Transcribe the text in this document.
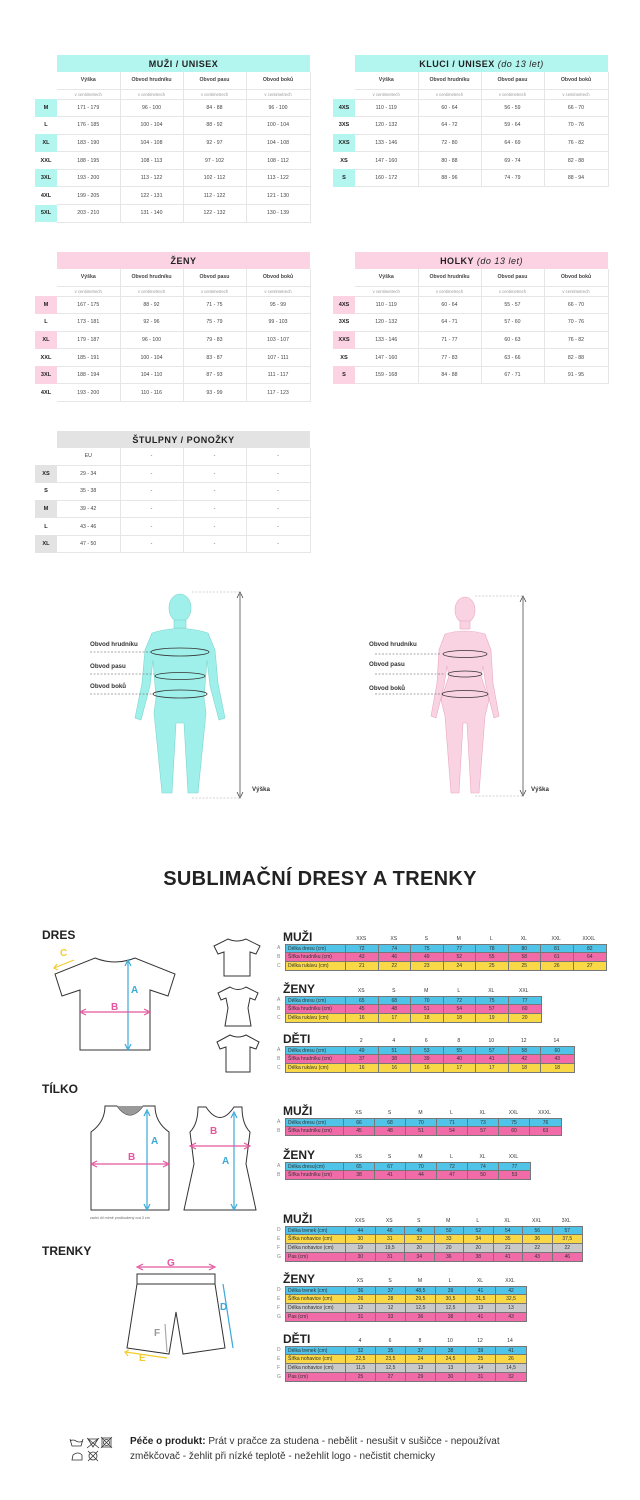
	MUŽI / UNISEX			
	Výška	Obvod hrudníku	Obvod pasu	Obvod boků
	v centimetrech	v centimetrech	v centimetrech	v centimetrech
M	171 - 179	96 - 100	84 - 88	96 - 100
L	176 - 185	100 - 104	88 - 92	100 - 104
XL	183 - 190	104 - 108	92 - 97	104 - 108
XXL	188 - 195	108 - 113	97 - 102	108 - 112
3XL	193 - 200	113 - 122	102 - 112	113 - 122
4XL	199 - 205	122 - 131	112 - 122	121 - 130
5XL	203 - 210	131 - 140	122 - 132	130 - 139
	KLUCI / UNISEX (do 13 let)			
	Výška	Obvod hrudníku	Obvod pasu	Obvod boků
	v centimetrech	v centimetrech	v centimetrech	v centimetrech
4XS	110 - 119	60 - 64	56 - 59	66 - 70
3XS	120 - 132	64 - 72	59 - 64	70 - 76
XXS	133 - 146	72 - 80	64 - 69	76 - 82
XS	147 - 160	80 - 88	69 - 74	82 - 88
S	160 - 172	88 - 96	74 - 79	88 - 94
	ŽENY			
	Výška	Obvod hrudníku	Obvod pasu	Obvod boků
	v centimetrech	v centimetrech	v centimetrech	v centimetrech
M	167 - 175	88 - 92	71 - 75	95 - 99
L	173 - 181	92 - 96	75 - 79	99 - 103
XL	179 - 187	96 - 100	79 - 83	103 - 107
XXL	185 - 191	100 - 104	83 - 87	107 - 111
3XL	188 - 194	104 - 110	87 - 93	111 - 117
4XL	193 - 200	110 - 116	93 - 99	117 - 123
	HOLKY (do 13 let)			
	Výška	Obvod hrudníku	Obvod pasu	Obvod boků
	v centimetrech	v centimetrech	v centimetrech	v centimetrech
4XS	110 - 119	60 - 64	55 - 57	66 - 70
3XS	120 - 132	64 - 71	57 - 60	70 - 76
XXS	133 - 146	71 - 77	60 - 63	76 - 82
XS	147 - 160	77 - 83	63 - 66	82 - 88
S	159 - 168	84 - 88	67 - 71	91 - 95
	ŠTULPNY / PONOŽKY			
	EU	-	-	-
XS	29 - 34	-	-	-
S	35 - 38	-	-	-
M	39 - 42	-	-	-
L	43 - 46	-	-	-
XL	47 - 50	-	-	-
Obvod hrudníku
Obvod pasu
Obvod boků
Výška
Obvod hrudníku
Obvod pasu
Obvod boků
Výška
SUBLIMAČNÍ DRESY A TRENKY
DRES
TÍLKO
TRENKY
A
B
C
A
B
zadní díl mírně prodloužený cca 3 cm
A
B
G
D
E
F
MUŽI	XXS	XS	S	M	L	XL	XXL	XXXL
A
B
C
Délka dresu (cm)	72	74	75	77	78	80	81	82
Šířka hrudníku (cm)	43	46	49	52	55	58	61	64
Délka rukávu (cm)	21	22	23	24	25	25	26	27
ŽENY	XS	S	M	L	XL	XXL
A
B
C
Délka dresu (cm)	65	68	70	72	75	77
Šířka hrudníku (cm)	45	48	51	54	57	60
Délka rukávu (cm)	16	17	18	18	19	20
DĚTI	2	4	6	8	10	12	14
A
B
C
Délka dresu (cm)	49	51	53	55	57	58	60
Šířka hrudníku (cm)	37	38	39	40	41	42	43
Délka rukávu (cm)	16	16	16	17	17	18	18
MUŽI	XS	S	M	L	XL	XXL	XXXL
A
B
Délka dresu (cm)	66	68	70	71	73	75	76
Šířka hrudníku (cm)	45	48	51	54	57	60	63
ŽENY	XS	S	M	L	XL	XXL
A
B
Délka dresu(cm)	65	67	70	72	74	77
Šířka hrudníku (cm)	38	41	44	47	50	53
MUŽI	XXS	XS	S	M	L	XL	XXL	3XL
D
E
F
G
Délka trenek (cm)	44	46	48	50	52	54	56	57
Šířka nohavice (cm)	30	31	32	33	34	35	36	37,5
Délka nohavice (cm)	19	19,5	20	20	20	21	22	22
Pas (cm)	30	31	34	36	38	41	43	46
ŽENY	XS	S	M	L	XL	XXL
D
E
F
G
Délka trenek (cm)	36	37	48,5	39	41	42
Šířka nohavice (cm)	26	28	29,5	30,5	31,5	32,5
Délka nohavice (cm)	12	12	12,5	12,5	13	13
Pas (cm)	31	33	36	38	41	43
DĚTI	4	6	8	10	12	14
D
E
F
G
Délka trenek (cm)	32	35	37	38	39	41
Šířka nohavice (cm)	22,5	23,5	24	24,5	25	26
Délka nohavice (cm)	11,5	12,5	13	13	14	14,5
Pas (cm)	25	27	29	30	31	32
Péče o produkt: Prát v pračce za studena - nebělit - nesušit v sušičce - nepoužívat
změkčovač - žehlit při nízké teplotě - nežehlit logo - nečistit chemicky
